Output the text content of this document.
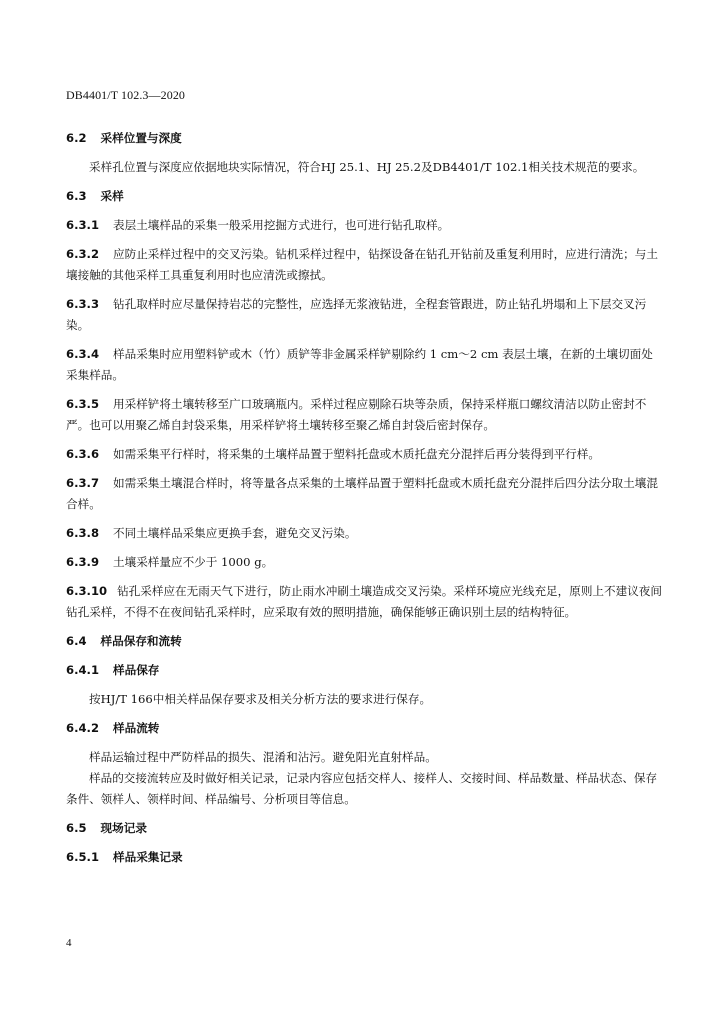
DB4401/T 102.3—2020
6.2 采样位置与深度
采样孔位置与深度应依据地块实际情况，符合HJ 25.1、HJ 25.2及DB4401/T 102.1相关技术规范的要求。
6.3 采样
6.3.1 表层土壤样品的采集一般采用挖掘方式进行，也可进行钻孔取样。
6.3.2 应防止采样过程中的交叉污染。钻机采样过程中，钻探设备在钻孔开钻前及重复利用时，应进行清洗；与土壤接触的其他采样工具重复利用时也应清洗或擦拭。
6.3.3 钻孔取样时应尽量保持岩芯的完整性，应选择无浆液钻进，全程套管跟进，防止钻孔坍塌和上下层交叉污染。
6.3.4 样品采集时应用塑料铲或木（竹）质铲等非金属采样铲剔除约 1 cm～2 cm 表层土壤，在新的土壤切面处采集样品。
6.3.5 用采样铲将土壤转移至广口玻璃瓶内。采样过程应剔除石块等杂质，保持采样瓶口螺纹清洁以防止密封不严。也可以用聚乙烯自封袋采集，用采样铲将土壤转移至聚乙烯自封袋后密封保存。
6.3.6 如需采集平行样时，将采集的土壤样品置于塑料托盘或木质托盘充分混拌后再分装得到平行样。
6.3.7 如需采集土壤混合样时，将等量各点采集的土壤样品置于塑料托盘或木质托盘充分混拌后四分法分取土壤混合样。
6.3.8 不同土壤样品采集应更换手套，避免交叉污染。
6.3.9 土壤采样量应不少于 1000 g。
6.3.10 钻孔采样应在无雨天气下进行，防止雨水冲刷土壤造成交叉污染。采样环境应光线充足，原则上不建议夜间钻孔采样，不得不在夜间钻孔采样时，应采取有效的照明措施，确保能够正确识别土层的结构特征。
6.4 样品保存和流转
6.4.1 样品保存
按HJ/T 166中相关样品保存要求及相关分析方法的要求进行保存。
6.4.2 样品流转
样品运输过程中严防样品的损失、混淆和沾污。避免阳光直射样品。
样品的交接流转应及时做好相关记录，记录内容应包括交样人、接样人、交接时间、样品数量、样品状态、保存条件、领样人、领样时间、样品编号、分析项目等信息。
6.5 现场记录
6.5.1 样品采集记录
4
